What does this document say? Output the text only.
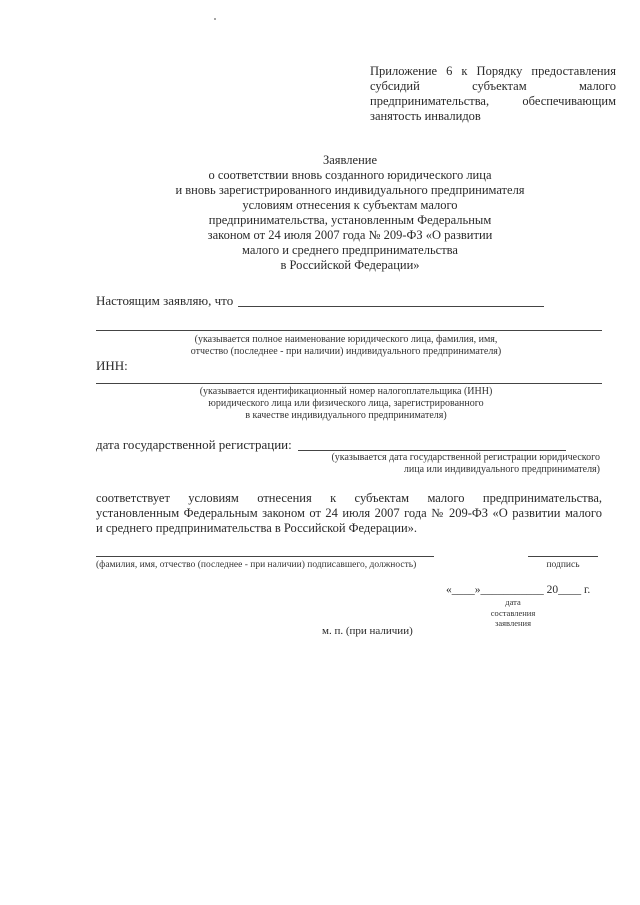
Приложение 6 к Порядку предоставления
субсидий субъектам малого
предпринимательства, обеспечивающим
занятость инвалидов
Заявление
о соответствии вновь созданного юридического лица
и вновь зарегистрированного индивидуального предпринимателя
условиям отнесения к субъектам малого
предпринимательства, установленным Федеральным
законом от 24 июля 2007 года № 209-ФЗ «О развитии
малого и среднего предпринимательства
в Российской Федерации»
Настоящим заявляю, что
(указывается полное наименование юридического лица, фамилия, имя,
отчество (последнее - при наличии) индивидуального предпринимателя)
ИНН:
(указывается идентификационный номер налогоплательщика (ИНН)
юридического лица или физического лица, зарегистрированного
в качестве индивидуального предпринимателя)
дата государственной регистрации:
(указывается дата государственной регистрации юридического
лица или индивидуального предпринимателя)
соответствует условиям отнесения к субъектам малого предпринимательства,
установленным Федеральным законом от 24 июля 2007 года № 209-ФЗ «О развитии малого
и среднего предпринимательства в Российской Федерации».
(фамилия, имя, отчество (последнее - при наличии) подписавшего, должность)	подпись
«____»___________ 20____ г.
дата
составления
заявления
м. п. (при наличии)
